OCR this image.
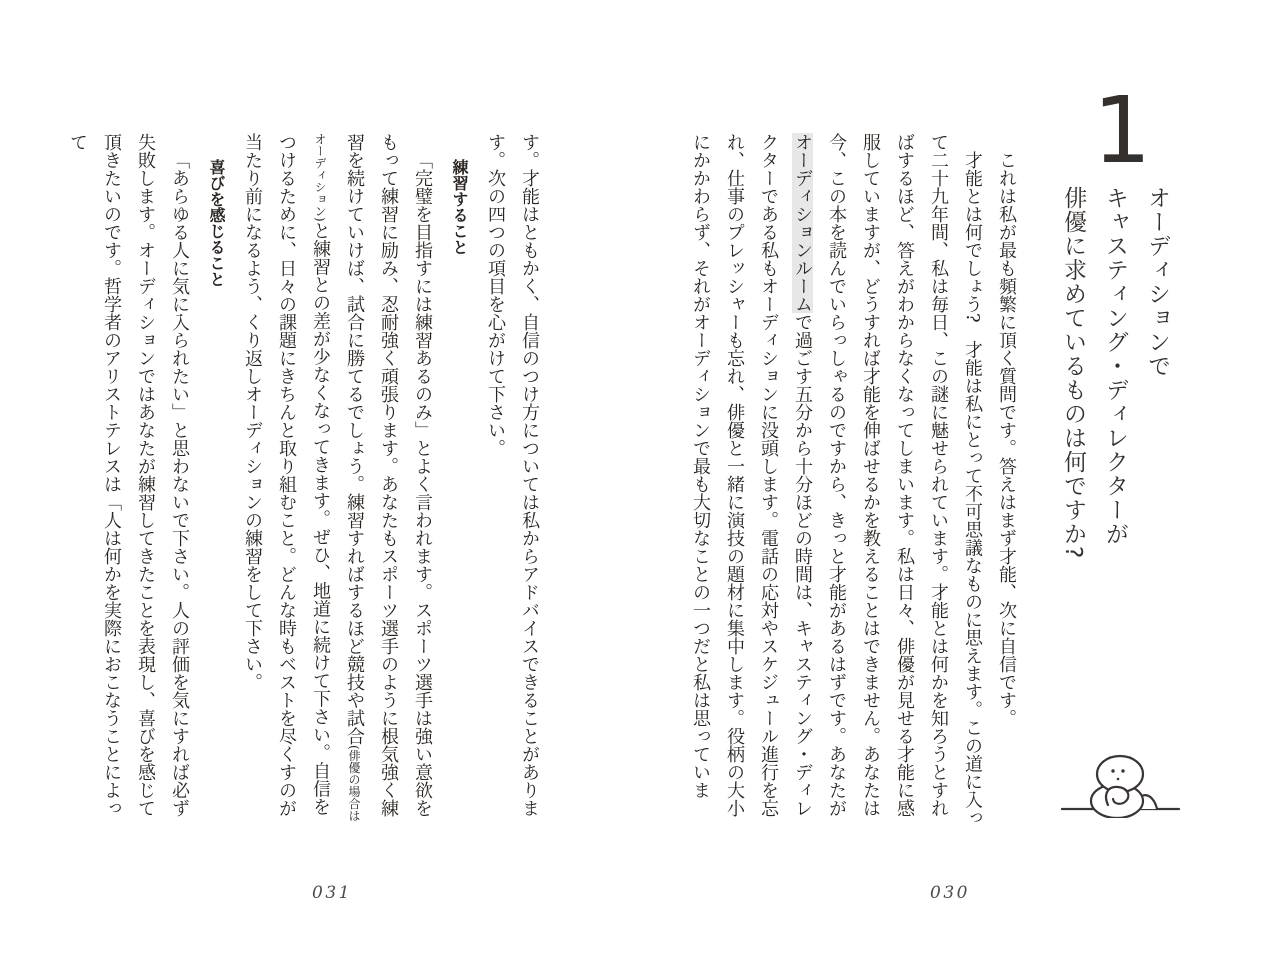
す。才能はともかく、自信のつけ方については私からアドバイスできることがあります。次の四つの項目を心がけて下さい。

練習すること

「完璧を目指すには練習あるのみ」とよく言われます。スポーツ選手は強い意欲をもって練習に励み、忍耐強く頑張ります。あなたもスポーツ選手のように根気強く練習を続けていけば、試合に勝てるでしょう。練習すればするほど競技や試合(俳優の場合はオーディション)と練習との差が少なくなってきます。ぜひ、地道に続けて下さい。自信をつけるために、日々の課題にきちんと取り組むこと。どんな時もベストを尽くすのが当たり前になるよう、くり返しオーディションの練習をして下さい。

喜びを感じること

「あらゆる人に気に入られたい」と思わないで下さい。人の評価を気にすれば必ず失敗します。オーディションではあなたが練習してきたことを表現し、喜びを感じて頂きたいのです。哲学者のアリストテレスは「人は何かを実際におこなうことによって

031
1
オーディションで
キャスティング・ディレクターが
俳優に求めているものは何ですか?

これは私が最も頻繁に頂く質問です。答えはまず才能、次に自信です。

才能とは何でしょう?　才能は私にとって不可思議なものに思えます。この道に入って二十九年間、私は毎日、この謎に魅せられています。才能とは何かを知ろうとすればするほど、答えがわからなくなってしまいます。私は日々、俳優が見せる才能に感服していますが、どうすれば才能を伸ばせるかを教えることはできません。あなたは今、この本を読んでいらっしゃるのですから、きっと才能があるはずです。あなたがオーディションルームで過ごす五分から十分ほどの時間は、キャスティング・ディレクターである私もオーディションに没頭します。電話の応対やスケジュール進行を忘れ、仕事のプレッシャーも忘れ、俳優と一緒に演技の題材に集中します。役柄の大小にかかわらず、それがオーディションで最も大切なことの一つだと私は思っていま

030
